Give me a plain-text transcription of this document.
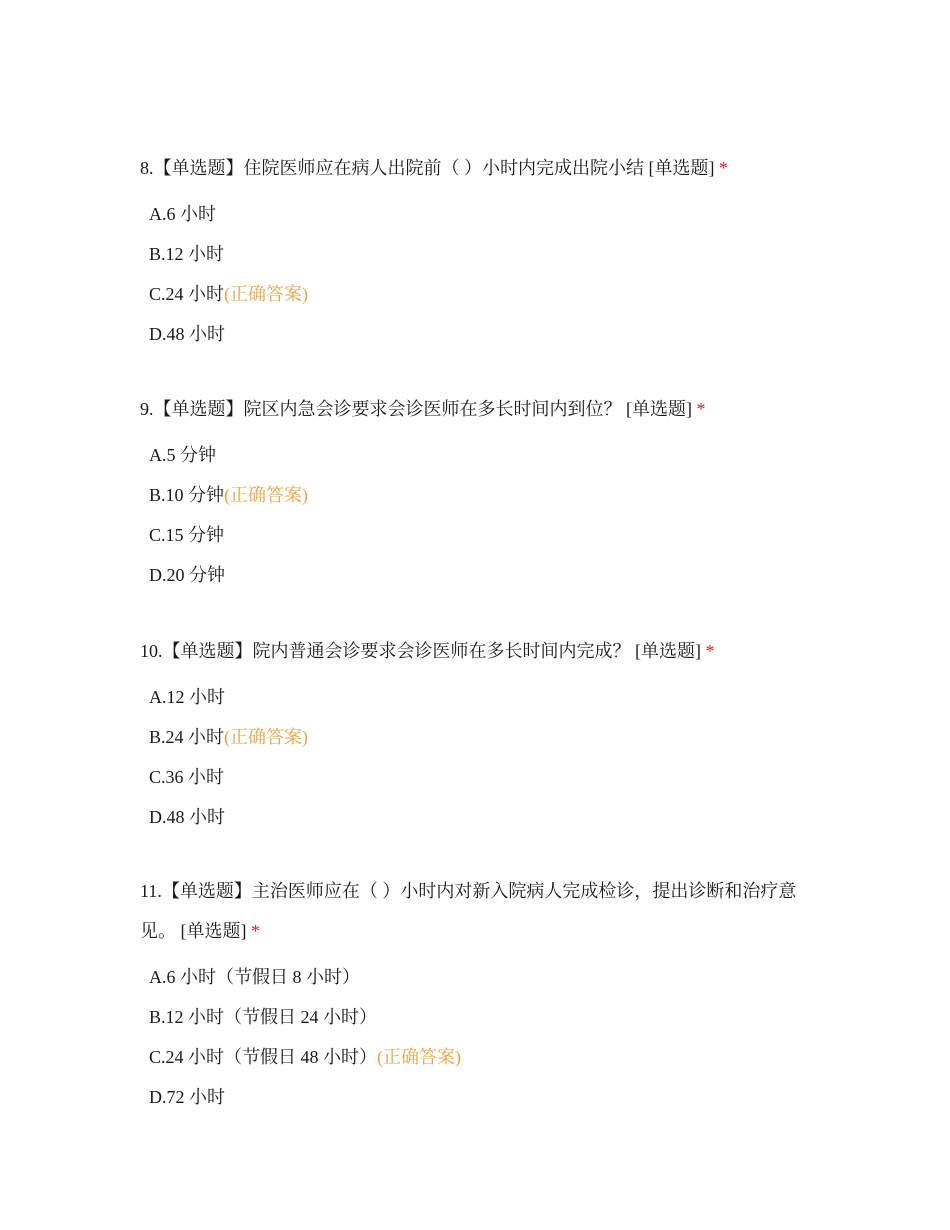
8.【单选题】住院医师应在病人出院前（ ）小时内完成出院小结 [单选题] *

A.6 小时
B.12 小时
C.24 小时(正确答案)
D.48 小时

9.【单选题】院区内急会诊要求会诊医师在多长时间内到位？ [单选题] *

A.5 分钟
B.10 分钟(正确答案)
C.15 分钟
D.20 分钟

10.【单选题】院内普通会诊要求会诊医师在多长时间内完成？ [单选题] *

A.12 小时
B.24 小时(正确答案)
C.36 小时
D.48 小时

11.【单选题】主治医师应在（ ）小时内对新入院病人完成检诊，提出诊断和治疗意见。 [单选题] *

A.6 小时（节假日 8 小时）
B.12 小时（节假日 24 小时）
C.24 小时（节假日 48 小时）(正确答案)
D.72 小时
